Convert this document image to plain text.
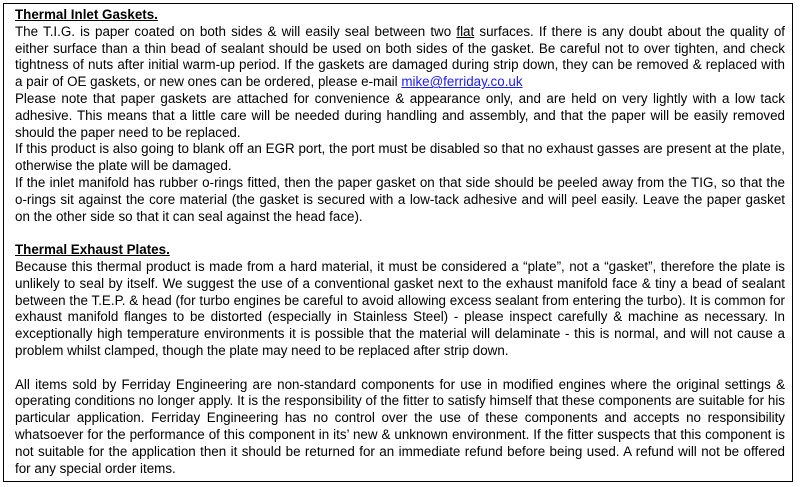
Thermal Inlet Gaskets.

The T.I.G. is paper coated on both sides & will easily seal between two flat surfaces. If there is any doubt about the quality of either surface than a thin bead of sealant should be used on both sides of the gasket. Be careful not to over tighten, and check tightness of nuts after initial warm-up period. If the gaskets are damaged during strip down, they can be removed & replaced with a pair of OE gaskets, or new ones can be ordered, please e-mail mike@ferriday.co.uk

Please note that paper gaskets are attached for convenience & appearance only, and are held on very lightly with a low tack adhesive. This means that a little care will be needed during handling and assembly, and that the paper will be easily removed should the paper need to be replaced.

If this product is also going to blank off an EGR port, the port must be disabled so that no exhaust gasses are present at the plate, otherwise the plate will be damaged.

If the inlet manifold has rubber o-rings fitted, then the paper gasket on that side should be peeled away from the TIG, so that the o-rings sit against the core material (the gasket is secured with a low-tack adhesive and will peel easily. Leave the paper gasket on the other side so that it can seal against the head face).

Thermal Exhaust Plates.

Because this thermal product is made from a hard material, it must be considered a “plate”, not a “gasket”, therefore the plate is unlikely to seal by itself. We suggest the use of a conventional gasket next to the exhaust manifold face & tiny a bead of sealant between the T.E.P. & head (for turbo engines be careful to avoid allowing excess sealant from entering the turbo). It is common for exhaust manifold flanges to be distorted (especially in Stainless Steel) - please inspect carefully & machine as necessary. In exceptionally high temperature environments it is possible that the material will delaminate - this is normal, and will not cause a problem whilst clamped, though the plate may need to be replaced after strip down.

All items sold by Ferriday Engineering are non-standard components for use in modified engines where the original settings & operating conditions no longer apply. It is the responsibility of the fitter to satisfy himself that these components are suitable for his particular application. Ferriday Engineering has no control over the use of these components and accepts no responsibility whatsoever for the performance of this component in its’ new & unknown environment. If the fitter suspects that this component is not suitable for the application then it should be returned for an immediate refund before being used. A refund will not be offered for any special order items.
